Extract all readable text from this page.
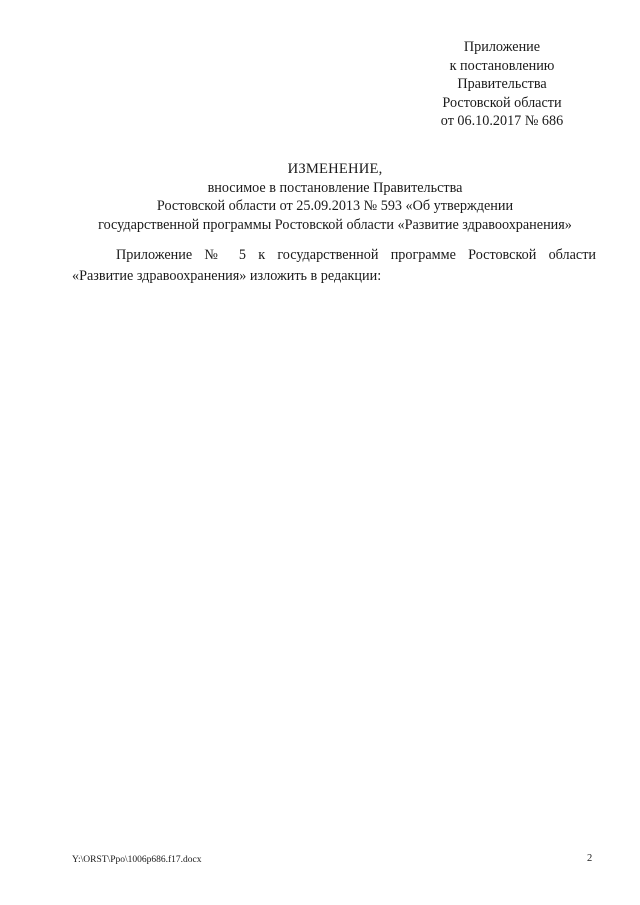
Приложение
к постановлению
Правительства
Ростовской области
от 06.10.2017 № 686
ИЗМЕНЕНИЕ,
вносимое в постановление Правительства
Ростовской области от 25.09.2013 № 593 «Об утверждении
государственной программы Ростовской области «Развитие здравоохранения»
Приложение № 5 к государственной программе Ростовской области
«Развитие здравоохранения» изложить в редакции:
Y:\ORST\Ppo\1006p686.f17.docx	2
